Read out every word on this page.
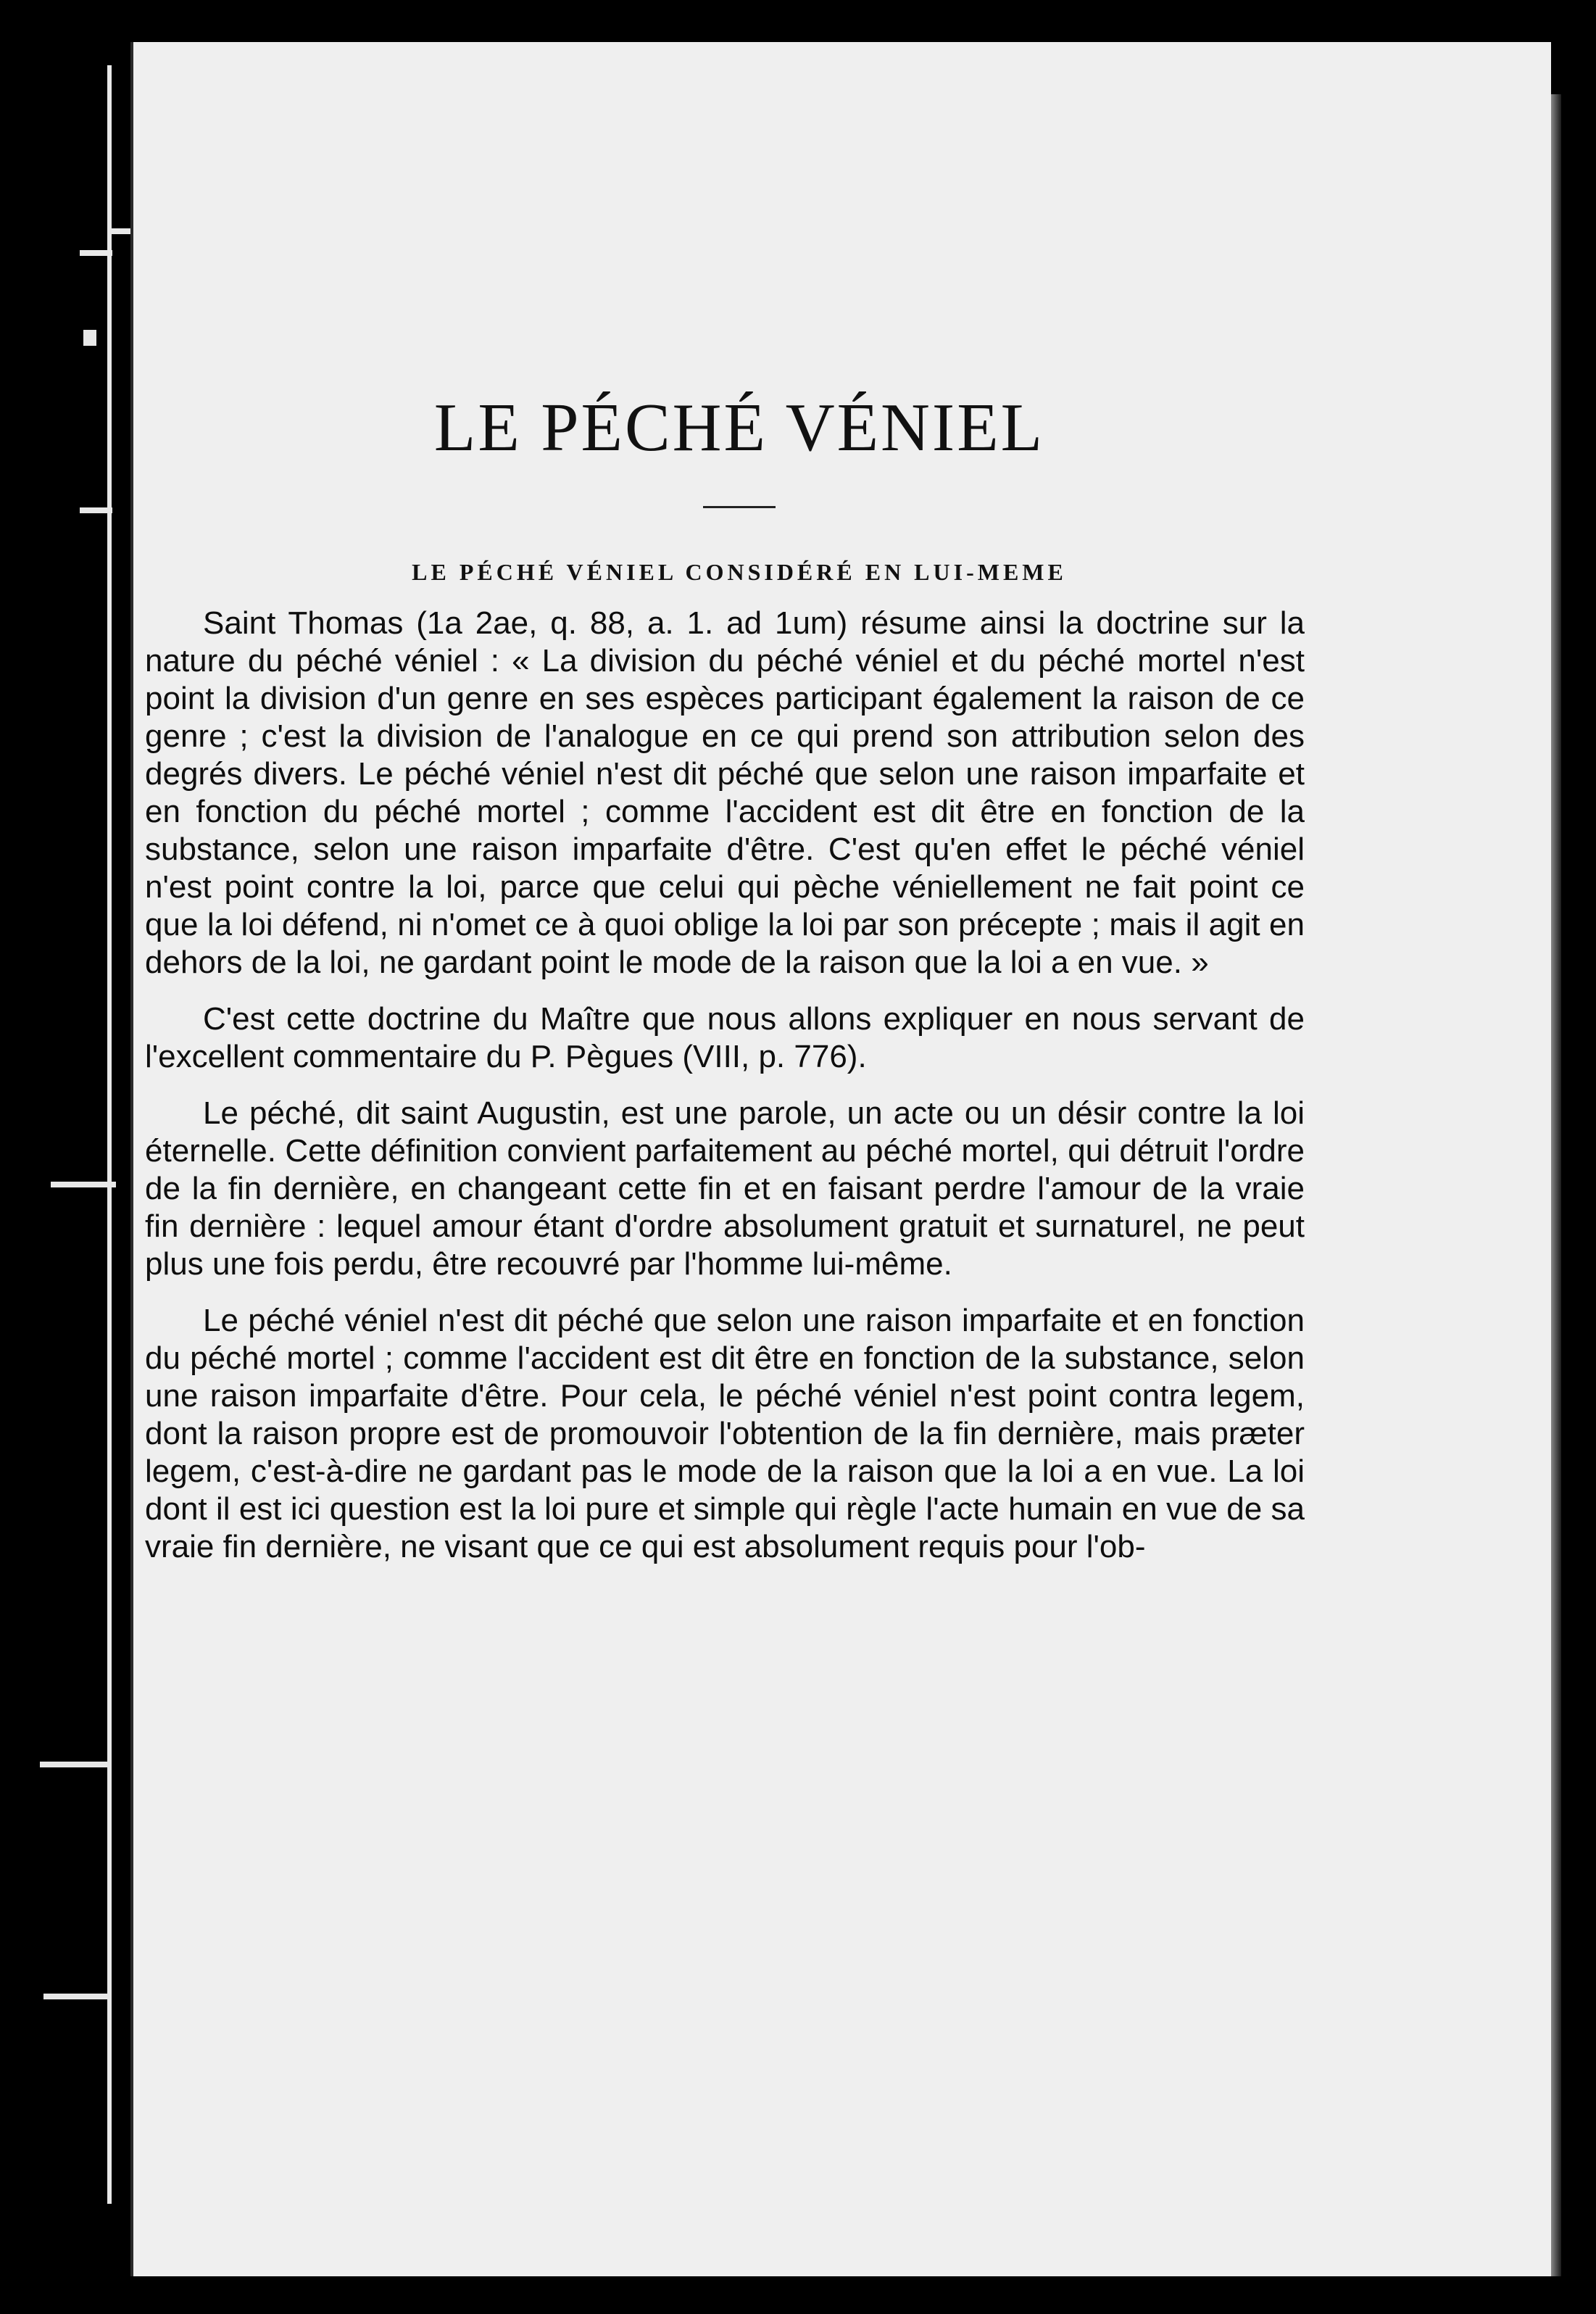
LE PÉCHÉ VÉNIEL
LE PÉCHÉ VÉNIEL CONSIDÉRÉ EN LUI-MEME

Saint Thomas (1a 2ae, q. 88, a. 1. ad 1um) résume ainsi la doctrine sur la nature du péché véniel : « La division du péché véniel et du péché mortel n'est point la division d'un genre en ses espèces participant également la raison de ce genre ; c'est la division de l'analogue en ce qui prend son attribution selon des degrés divers. Le péché véniel n'est dit péché que selon une raison imparfaite et en fonction du péché mortel ; comme l'accident est dit être en fonction de la substance, selon une raison imparfaite d'être. C'est qu'en effet le péché véniel n'est point contre la loi, parce que celui qui pèche véniellement ne fait point ce que la loi défend, ni n'omet ce à quoi oblige la loi par son précepte ; mais il agit en dehors de la loi, ne gardant point le mode de la raison que la loi a en vue. »

C'est cette doctrine du Maître que nous allons expliquer en nous servant de l'excellent commentaire du P. Pègues (VIII, p. 776).

Le péché, dit saint Augustin, est une parole, un acte ou un désir contre la loi éternelle. Cette définition convient parfaitement au péché mortel, qui détruit l'ordre de la fin dernière, en changeant cette fin et en faisant perdre l'amour de la vraie fin dernière : lequel amour étant d'ordre absolument gratuit et surnaturel, ne peut plus une fois perdu, être recouvré par l'homme lui-même.

Le péché véniel n'est dit péché que selon une raison imparfaite et en fonction du péché mortel ; comme l'accident est dit être en fonction de la substance, selon une raison imparfaite d'être. Pour cela, le péché véniel n'est point contra legem, dont la raison propre est de promouvoir l'obtention de la fin dernière, mais præter legem, c'est-à-dire ne gardant pas le mode de la raison que la loi a en vue. La loi dont il est ici question est la loi pure et simple qui règle l'acte humain en vue de sa vraie fin dernière, ne visant que ce qui est absolument requis pour l'ob-
